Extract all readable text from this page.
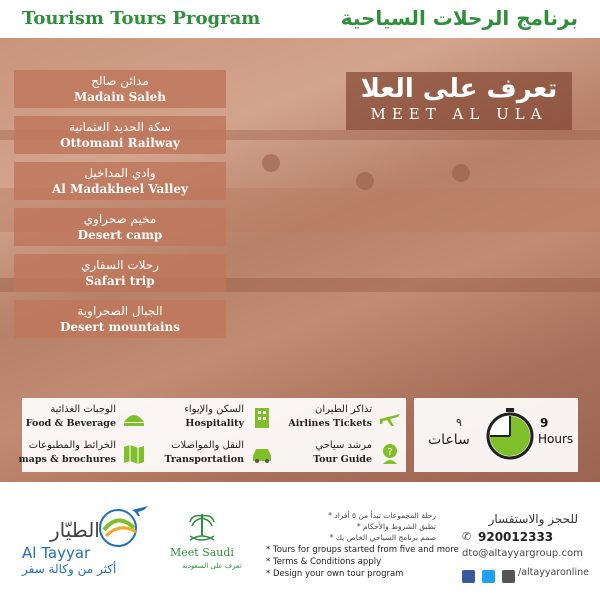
Tourism Tours Program	برنامج الرحلات السياحية
تعرف على العلا
MEET AL ULA
مدائن صالح
Madain Saleh
سكة الحديد العثمانية
Ottomani Railway
وادي المداخيل
Al Madakheel Valley
مخيم صحراوي
Desert camp
رحلات السفاري
Safari trip
الجبال الصحراوية
Desert mountains
تذاكر الطيران
Airlines Tickets
السكن والإيواء
Hospitality
الوجبات الغذائية
Food & Beverage
?
مرشد سياحي
Tour Guide
النقل والمواصلات
Transportation
الخرائط والمطبوعات
maps & brochures
٩
ساعات
9
Hours
الطيّار
Al Tayyar
أكثر من وكالة سفر
Meet Saudi
تعرف على السعودية
رحلة المجموعات تبدأ من ٥ أفراد *
تطبق الشروط والأحكام *
صمم برنامج السياحي الخاص بك *
* Tours for groups started from five and more
* Terms & Conditions apply
* Design your own tour program
للحجز والاستفسار
✆ 920012333
dto@altayyargroup.com

/altayyaronline
